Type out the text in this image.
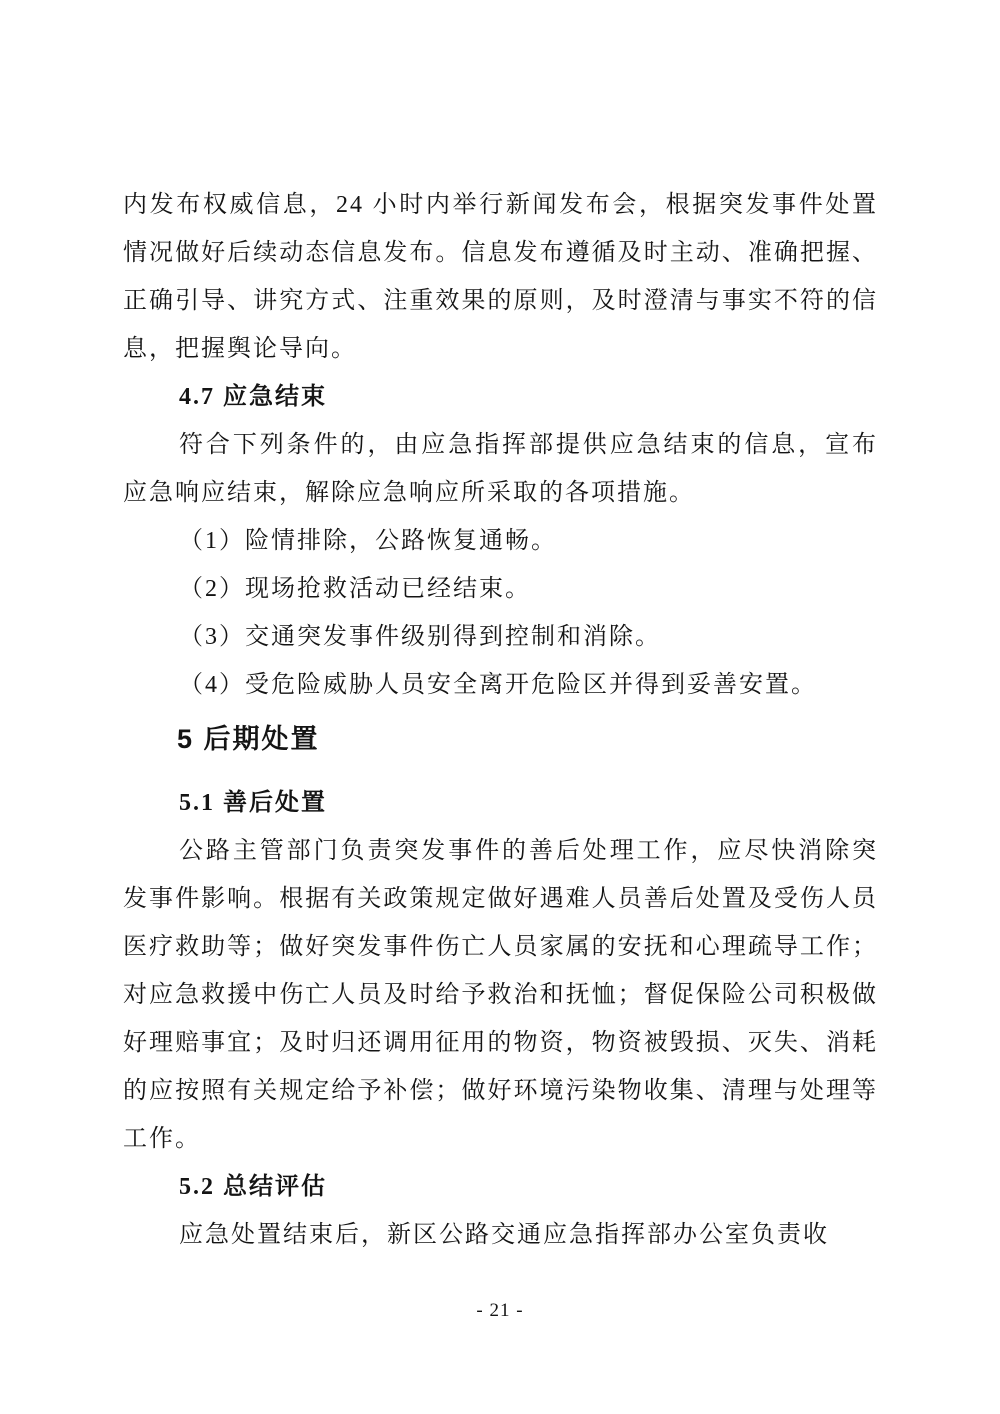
内发布权威信息，24 小时内举行新闻发布会，根据突发事件处置情况做好后续动态信息发布。信息发布遵循及时主动、准确把握、正确引导、讲究方式、注重效果的原则，及时澄清与事实不符的信息，把握舆论导向。

4.7 应急结束

符合下列条件的，由应急指挥部提供应急结束的信息，宣布应急响应结束，解除应急响应所采取的各项措施。

（1）险情排除，公路恢复通畅。

（2）现场抢救活动已经结束。

（3）交通突发事件级别得到控制和消除。

（4）受危险威胁人员安全离开危险区并得到妥善安置。

5 后期处置

5.1 善后处置

公路主管部门负责突发事件的善后处理工作，应尽快消除突发事件影响。根据有关政策规定做好遇难人员善后处置及受伤人员医疗救助等；做好突发事件伤亡人员家属的安抚和心理疏导工作；对应急救援中伤亡人员及时给予救治和抚恤；督促保险公司积极做好理赔事宜；及时归还调用征用的物资，物资被毁损、灭失、消耗的应按照有关规定给予补偿；做好环境污染物收集、清理与处理等工作。

5.2 总结评估

应急处置结束后，新区公路交通应急指挥部办公室负责收

- 21 -
